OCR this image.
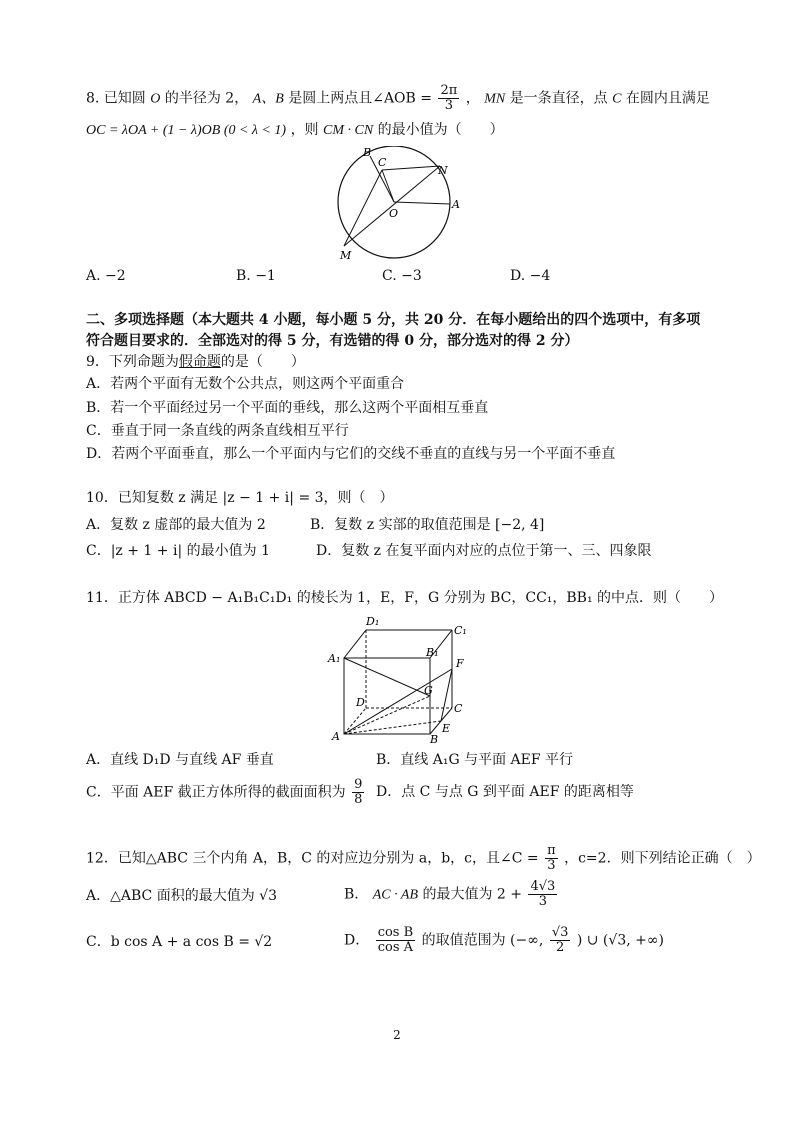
8. 已知圆 O 的半径为 2， A、B 是圆上两点且∠AOB = $\frac{2\pi}{3}$ ， MN 是一条直径，点 C 在圆内且满足
OC = λOA + (1 − λ)OB (0 < λ < 1) ，则 CM · CN 的最小值为（　　）
B
C
N
O
A
M
A. −2	B. −1	C. −3	D. −4
二、多项选择题（本大题共 4 小题，每小题 5 分，共 20 分．在每小题给出的四个选项中，有多项
符合题目要求的．全部选对的得 5 分，有选错的得 0 分，部分选对的得 2 分）
9．下列命题为假命题的是（　　）
A．若两个平面有无数个公共点，则这两个平面重合
B．若一个平面经过另一个平面的垂线，那么这两个平面相互垂直
C．垂直于同一条直线的两条直线相互平行
D．若两个平面垂直，那么一个平面内与它们的交线不垂直的直线与另一个平面不垂直
10．已知复数 z 满足 |z − 1 + i| = 3，则（　）
A．复数 z 虚部的最大值为 2	B．复数 z 实部的取值范围是 [−2, 4]
C．|z + 1 + i| 的最小值为 1	D．复数 z 在复平面内对应的点位于第一、三、四象限
11．正方体 ABCD − A₁B₁C₁D₁ 的棱长为 1，E，F，G 分别为 BC，CC₁，BB₁ 的中点．则（　　）
D₁
C₁
A₁	B₁
F
G
D	C
E
A	B
A．直线 D₁D 与直线 AF 垂直	B．直线 A₁G 与平面 AEF 平行
C．平面 AEF 截正方体所得的截面面积为 $\frac{9}{8}$ D．点 C 与点 G 到平面 AEF 的距离相等
12．已知△ABC 三个内角 A，B，C 的对应边分别为 a，b，c，且∠C = $\frac{\pi}{3}$ ，c=2．则下列结论正确（　）
A．△ABC 面积的最大值为 √3	B． AC · AB 的最大值为 $2 + \frac{4√3}{3}$
C．b cos A + a cos B = √2	D． $\frac{\text{cos B}}{\text{cos A}}$ 的取值范围为 (−∞, $\frac{√3}{2}$ ) ∪ (√3, +∞)
2
